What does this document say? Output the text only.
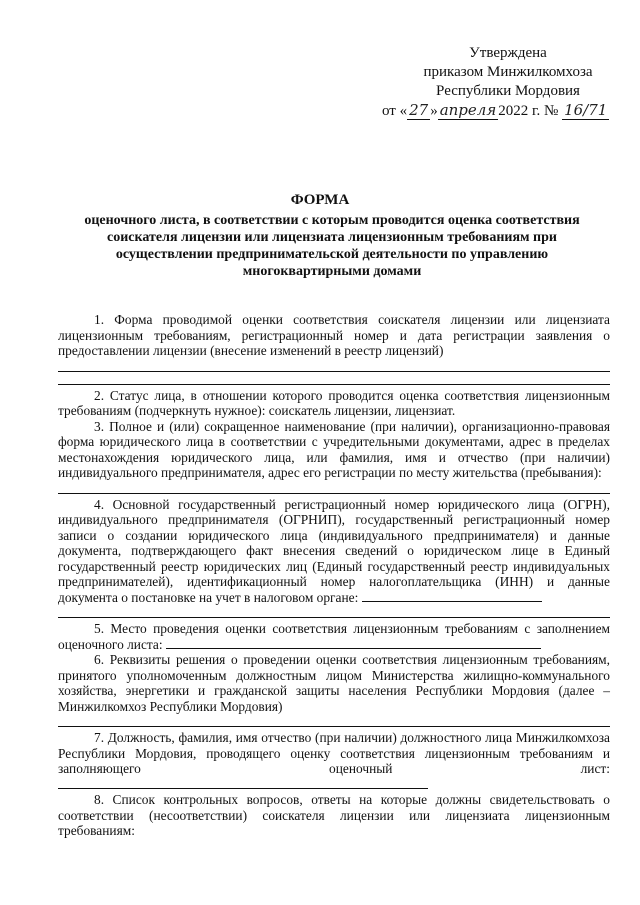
Утверждена
приказом Минжилкомхоза
Республики Мордовия
от « 27 » апреля 2022 г. № 16/71
ФОРМА
оценочного листа, в соответствии с которым проводится оценка соответствия соискателя лицензии или лицензиата лицензионным требованиям при осуществлении предпринимательской деятельности по управлению многоквартирными домами

1. Форма проводимой оценки соответствия соискателя лицензии или лицензиата лицензионным требованиям, регистрационный номер и дата регистрации заявления о предоставлении лицензии (внесение изменений в реестр лицензий)

2. Статус лица, в отношении которого проводится оценка соответствия лицензионным требованиям (подчеркнуть нужное): соискатель лицензии, лицензиат.

3. Полное и (или) сокращенное наименование (при наличии), организационно-правовая форма юридического лица в соответствии с учредительными документами, адрес в пределах местонахождения юридического лица, или фамилия, имя и отчество (при наличии) индивидуального предпринимателя, адрес его регистрации по месту жительства (пребывания):

4. Основной государственный регистрационный номер юридического лица (ОГРН), индивидуального предпринимателя (ОГРНИП), государственный регистрационный номер записи о создании юридического лица (индивидуального предпринимателя) и данные документа, подтверждающего факт внесения сведений о юридическом лице в Единый государственный реестр юридических лиц (Единый государственный реестр индивидуальных предпринимателей), идентификационный номер налогоплательщика (ИНН) и данные документа о постановке на учет в налоговом органе:

5. Место проведения оценки соответствия лицензионным требованиям с заполнением оценочного листа:

6. Реквизиты решения о проведении оценки соответствия лицензионным требованиям, принятого уполномоченным должностным лицом Министерства жилищно-коммунального хозяйства, энергетики и гражданской защиты населения Республики Мордовия (далее – Минжилкомхоз Республики Мордовия)

7. Должность, фамилия, имя отчество (при наличии) должностного лица Минжилкомхоза Республики Мордовия, проводящего оценку соответствия лицензионным требованиям и заполняющего оценочный лист:

8. Список контрольных вопросов, ответы на которые должны свидетельствовать о соответствии (несоответствии) соискателя лицензии или лицензиата лицензионным требованиям:
